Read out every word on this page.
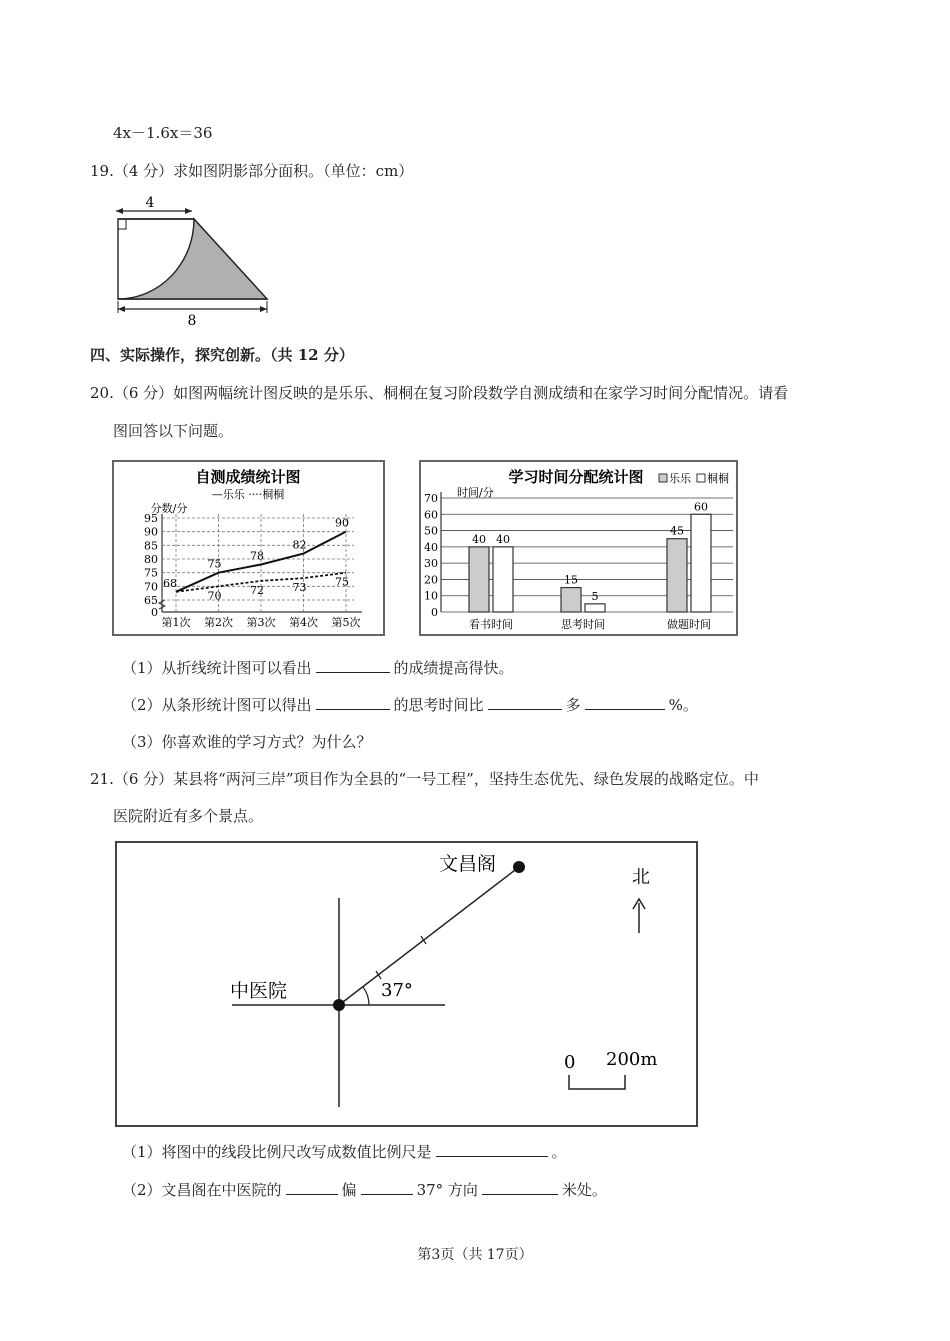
4x－1.6x＝36
19.（4 分）求如图阴影部分面积。（单位：cm）
4
8
四、实际操作，探究创新。（共 12 分）
20.（6 分）如图两幅统计图反映的是乐乐、桐桐在复习阶段数学自测成绩和在家学习时间分配情况。请看
图回答以下问题。
自测成绩统计图
—乐乐 ····桐桐
分数/分
0
65
70
75
80
85
90
95
第1次 第2次 第3次 第4次 第5次
68
75
78
82
90
70	72	73	75
学习时间分配统计图 乐乐 桐桐
时间/分
0
10
20
30
40
50
60
70
看书时间
40 40
思考时间
15
5
做题时间
45
60
（1）从折线统计图可以看出	的成绩提高得快。
（2）从条形统计图可以得出	的思考时间比	多	%。
（3）你喜欢谁的学习方式？为什么？
21.（6 分）某县将“两河三岸”项目作为全县的“一号工程”，坚持生态优先、绿色发展的战略定位。中
医院附近有多个景点。
37°
文昌阁
中医院
北
0 200m
（1）将图中的线段比例尺改写成数值比例尺是	。
（2）文昌阁在中医院的	偏	37° 方向	米处。
第3页（共 17页）
